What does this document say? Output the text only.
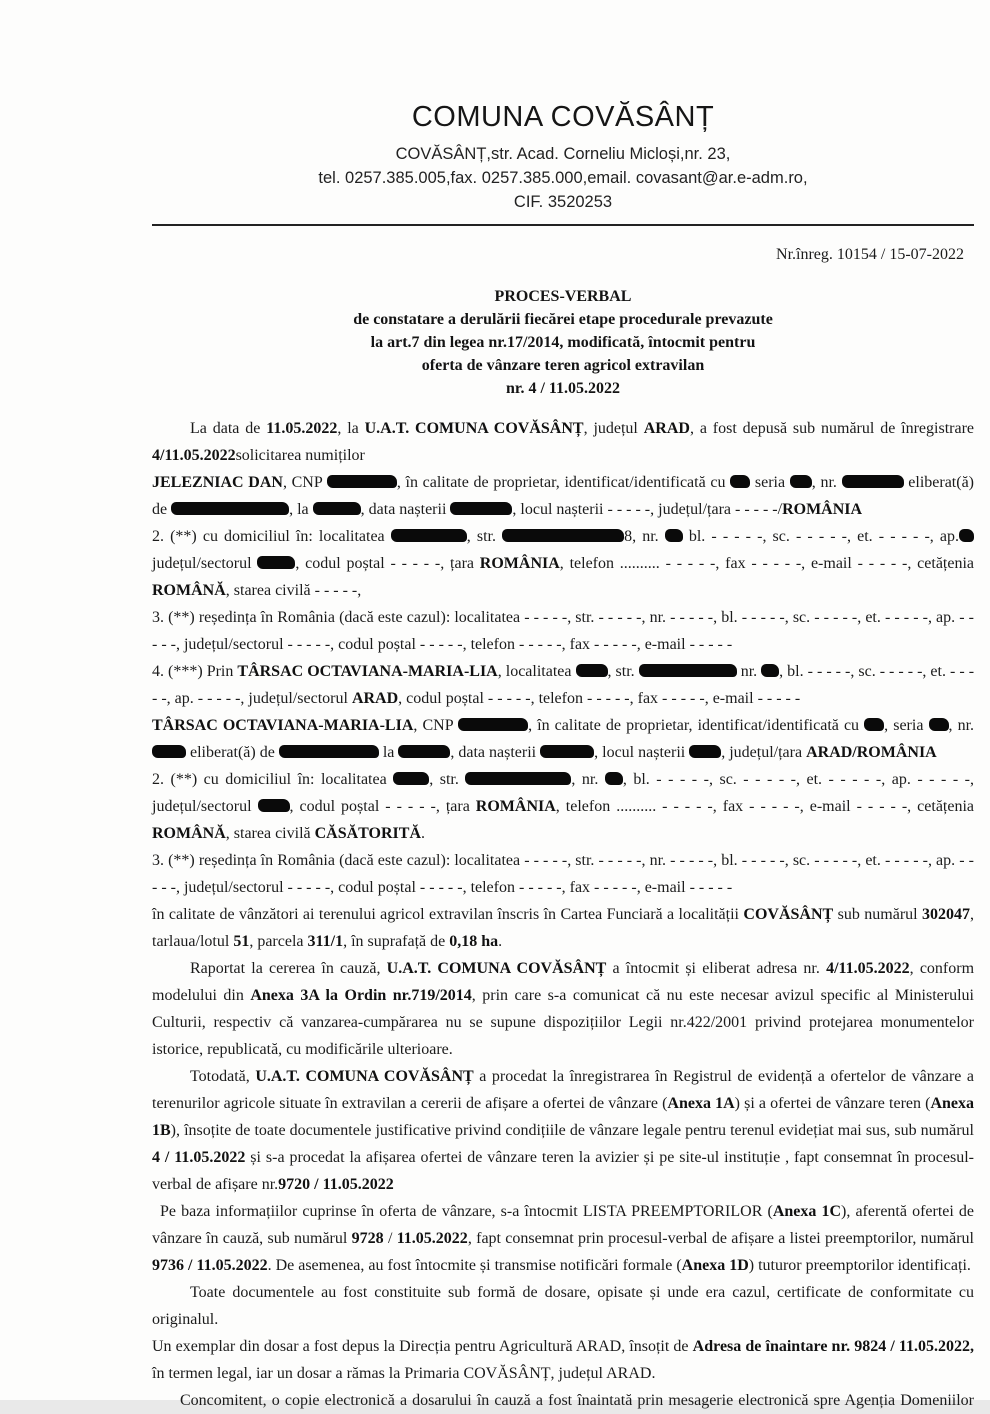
COMUNA COVĂSÂNȚ
COVĂSÂNȚ,str. Acad. Corneliu Micloși,nr. 23,
tel. 0257.385.005,fax. 0257.385.000,email. covasant@ar.e-adm.ro,
CIF. 3520253
Nr.înreg. 10154 / 15-07-2022
PROCES-VERBAL
de constatare a derulării fiecărei etape procedurale prevazute
la art.7 din legea nr.17/2014, modificată, întocmit pentru
oferta de vânzare teren agricol extravilan
nr. 4 / 11.05.2022

La data de 11.05.2022, la U.A.T. COMUNA COVĂSÂNȚ, județul ARAD, a fost depusă sub numărul de înregistrare 4/11.05.2022solicitarea numiților

JELEZNIAC DAN, CNP	, în calitate de proprietar, identificat/identificată cu  seria , nr.	eliberat(ă) de	, la	, data nașterii	, locul nașterii - - - - -, județul/țara - - - - -/ROMÂNIA

2. (**) cu domiciliul în: localitatea	, str.	8, nr.  bl. - - - - -, sc. - - - - -, et. - - - - -, ap.județul/sectorul , codul poștal - - - - -, țara ROMÂNIA, telefon .......... - - - - -, fax - - - - -, e-mail - - - - -, cetățenia ROMÂNĂ, starea civilă - - - - -,

3. (**) reședința în România (dacă este cazul): localitatea - - - - -, str. - - - - -, nr. - - - - -, bl. - - - - -, sc. - - - - -, et. - - - - -, ap. - - - - -, județul/sectorul - - - - -, codul poștal - - - - -, telefon - - - - -, fax - - - - -, e-mail - - - - -

4. (***) Prin TÂRSAC OCTAVIANA-MARIA-LIA, localitatea , str.	nr. , bl. - - - - -, sc. - - - - -, et. - - - - -, ap. - - - - -, județul/sectorul ARAD, codul poștal - - - - -, telefon - - - - -, fax - - - - -, e-mail - - - - -

TÂRSAC OCTAVIANA-MARIA-LIA, CNP	, în calitate de proprietar, identificat/identificată cu , seria , nr.  eliberat(ă) de	la	, data nașterii	, locul nașterii , județul/țara ARAD/ROMÂNIA

2. (**) cu domiciliul în: localitatea , str.	, nr. , bl. - - - - -, sc. - - - - -, et. - - - - -, ap. - - - - -, județul/sectorul , codul poștal - - - - -, țara ROMÂNIA, telefon .......... - - - - -, fax - - - - -, e-mail - - - - -, cetățenia ROMÂNĂ, starea civilă CĂSĂTORITĂ.

3. (**) reședința în România (dacă este cazul): localitatea - - - - -, str. - - - - -, nr. - - - - -, bl. - - - - -, sc. - - - - -, et. - - - - -, ap. - - - - -, județul/sectorul - - - - -, codul poștal - - - - -, telefon - - - - -, fax - - - - -, e-mail - - - - -

în calitate de vânzători ai terenului agricol extravilan înscris în Cartea Funciară a localității COVĂSÂNȚ sub numărul 302047, tarlaua/lotul 51, parcela 311/1, în suprafață de 0,18 ha.

Raportat la cererea în cauză, U.A.T. COMUNA COVĂSÂNȚ a întocmit și eliberat adresa nr. 4/11.05.2022, conform modelului din Anexa 3A la Ordin nr.719/2014, prin care s-a comunicat că nu este necesar avizul specific al Ministerului Culturii, respectiv că vanzarea-cumpărarea nu se supune dispozițiilor Legii nr.422/2001 privind protejarea monumentelor istorice, republicată, cu modificările ulterioare.

Totodată, U.A.T. COMUNA COVĂSÂNȚ a procedat la înregistrarea în Registrul de evidență a ofertelor de vânzare a terenurilor agricole situate în extravilan a cererii de afișare a ofertei de vânzare (Anexa 1A) și a ofertei de vânzare teren (Anexa 1B), însoțite de toate documentele justificative privind condițiile de vânzare legale pentru terenul evidețiat mai sus, sub numărul 4 / 11.05.2022 și s-a procedat la afișarea ofertei de vânzare teren la avizier și pe site-ul instituție , fapt consemnat în procesul-verbal de afișare nr.9720 / 11.05.2022

Pe baza informațiilor cuprinse în oferta de vânzare, s-a întocmit LISTA PREEMPTORILOR (Anexa 1C), aferentă ofertei de vânzare în cauză, sub numărul 9728 / 11.05.2022, fapt consemnat prin procesul-verbal de afișare a listei preemptorilor, numărul 9736 / 11.05.2022. De asemenea, au fost întocmite și transmise notificări formale (Anexa 1D) tuturor preemptorilor identificați.

Toate documentele au fost constituite sub formă de dosare, opisate și unde era cazul, certificate de conformitate cu originalul.

Un exemplar din dosar a fost depus la Direcția pentru Agricultură ARAD, însoțit de Adresa de înaintare nr. 9824 / 11.05.2022, în termen legal, iar un dosar a rămas la Primaria COVĂSÂNȚ, județul ARAD.

Concomitent, o copie electronică a dosarului în cauză a fost înaintată prin mesagerie electronică spre Agenția Domeniilor
